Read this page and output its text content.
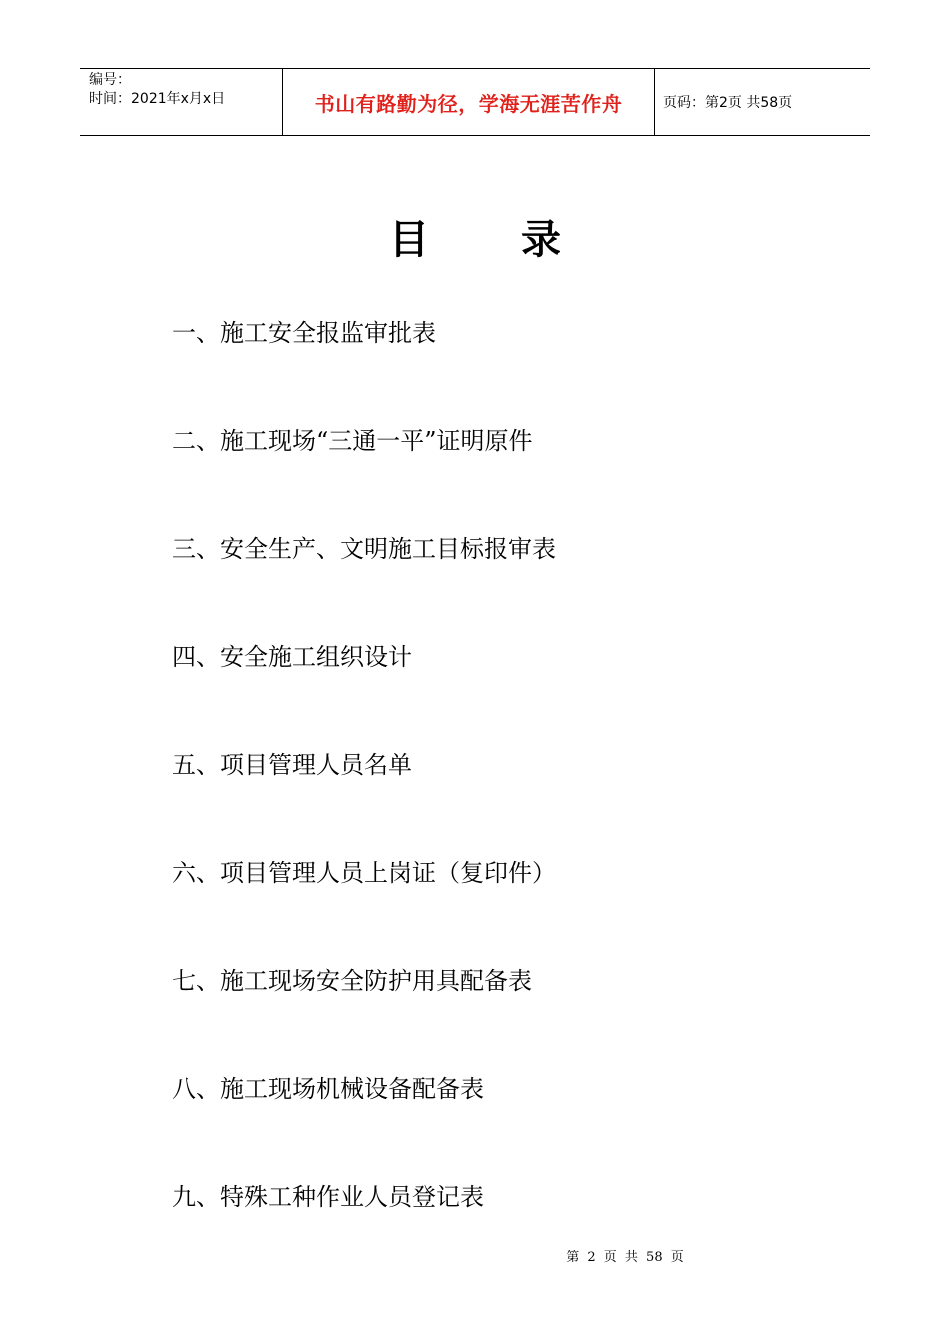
编号：
时间：2021年x月x日	书山有路勤为径，学海无涯苦作舟	页码：第2页 共58页
目 录
一、施工安全报监审批表
二、施工现场“三通一平”证明原件
三、安全生产、文明施工目标报审表
四、安全施工组织设计
五、项目管理人员名单
六、项目管理人员上岗证（复印件）
七、施工现场安全防护用具配备表
八、施工现场机械设备配备表
九、特殊工种作业人员登记表
第 2 页 共 58 页
